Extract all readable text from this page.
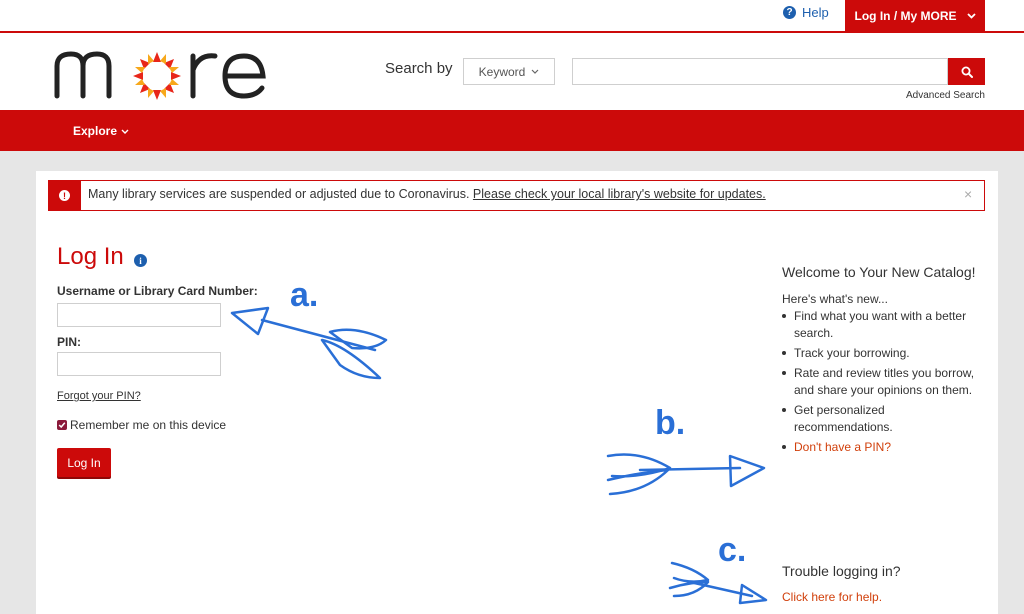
? Help Log In / My MORE
Search by Keyword
Advanced Search
Explore
!	Many library services are suspended or adjusted due to Coronavirus. Please check your local library's website for updates.	×
Log In	i
Username or Library Card Number:
PIN:
Forgot your PIN?
Remember me on this device
Log In
Welcome to Your New Catalog!
Here's what's new...
Find what you want with a better search.
Track your borrowing.
Rate and review titles you borrow, and share your opinions on them.
Get personalized recommendations.
Don't have a PIN?
Trouble logging in?
Click here for help.
a.
b.
c.
